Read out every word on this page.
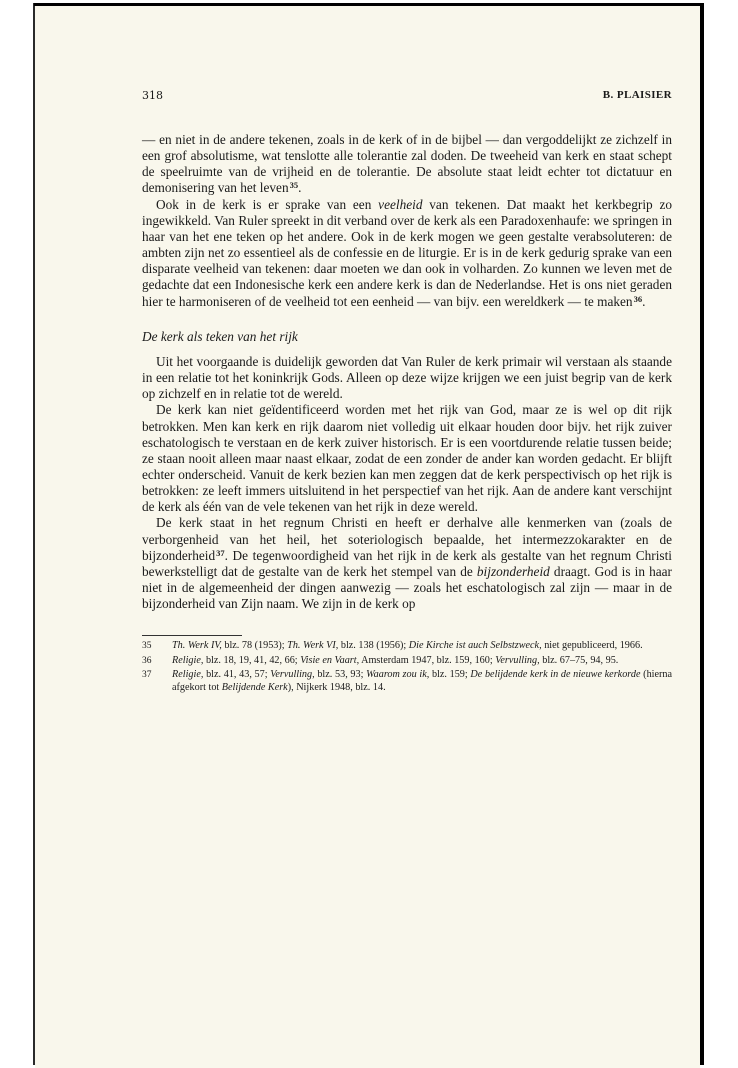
318	B. PLAISIER

— en niet in de andere tekenen, zoals in de kerk of in de bijbel — dan vergoddelijkt ze zichzelf in een grof absolutisme, wat tenslotte alle tolerantie zal doden. De tweeheid van kerk en staat schept de speelruimte van de vrijheid en de tolerantie. De absolute staat leidt echter tot dictatuur en demonisering van het leven$^{35}$.

Ook in de kerk is er sprake van een veelheid van tekenen. Dat maakt het kerkbegrip zo ingewikkeld. Van Ruler spreekt in dit verband over de kerk als een Paradoxenhaufe: we springen in haar van het ene teken op het andere. Ook in de kerk mogen we geen gestalte verabsoluteren: de ambten zijn net zo essentieel als de confessie en de liturgie. Er is in de kerk gedurig sprake van een disparate veelheid van tekenen: daar moeten we dan ook in volharden. Zo kunnen we leven met de gedachte dat een Indonesische kerk een andere kerk is dan de Nederlandse. Het is ons niet geraden hier te harmoniseren of de veelheid tot een eenheid — van bijv. een wereldkerk — te maken$^{36}$.

De kerk als teken van het rijk

Uit het voorgaande is duidelijk geworden dat Van Ruler de kerk primair wil verstaan als staande in een relatie tot het koninkrijk Gods. Alleen op deze wijze krijgen we een juist begrip van de kerk op zichzelf en in relatie tot de wereld.

De kerk kan niet geïdentificeerd worden met het rijk van God, maar ze is wel op dit rijk betrokken. Men kan kerk en rijk daarom niet volledig uit elkaar houden door bijv. het rijk zuiver eschatologisch te verstaan en de kerk zuiver historisch. Er is een voortdurende relatie tussen beide; ze staan nooit alleen maar naast elkaar, zodat de een zonder de ander kan worden gedacht. Er blijft echter onderscheid. Vanuit de kerk bezien kan men zeggen dat de kerk perspectivisch op het rijk is betrokken: ze leeft immers uitsluitend in het perspectief van het rijk. Aan de andere kant verschijnt de kerk als één van de vele tekenen van het rijk in deze wereld.

De kerk staat in het regnum Christi en heeft er derhalve alle kenmerken van (zoals de verborgenheid van het heil, het soteriologisch bepaalde, het intermezzokarakter en de bijzonderheid$^{37}$. De tegenwoordigheid van het rijk in de kerk als gestalte van het regnum Christi bewerkstelligt dat de gestalte van de kerk het stempel van de bijzonderheid draagt. God is in haar niet in de algemeenheid der dingen aanwezig — zoals het eschatologisch zal zijn — maar in de bijzonderheid van Zijn naam. We zijn in de kerk op

35	Th. Werk IV, blz. 78 (1953); Th. Werk VI, blz. 138 (1956); Die Kirche ist auch Selbstzweck, niet gepubliceerd, 1966.
36	Religie, blz. 18, 19, 41, 42, 66; Visie en Vaart, Amsterdam 1947, blz. 159, 160; Vervulling, blz. 67–75, 94, 95.
37	Religie, blz. 41, 43, 57; Vervulling, blz. 53, 93; Waarom zou ik, blz. 159; De belijdende kerk in de nieuwe kerkorde (hierna afgekort tot Belijdende Kerk), Nijkerk 1948, blz. 14.
